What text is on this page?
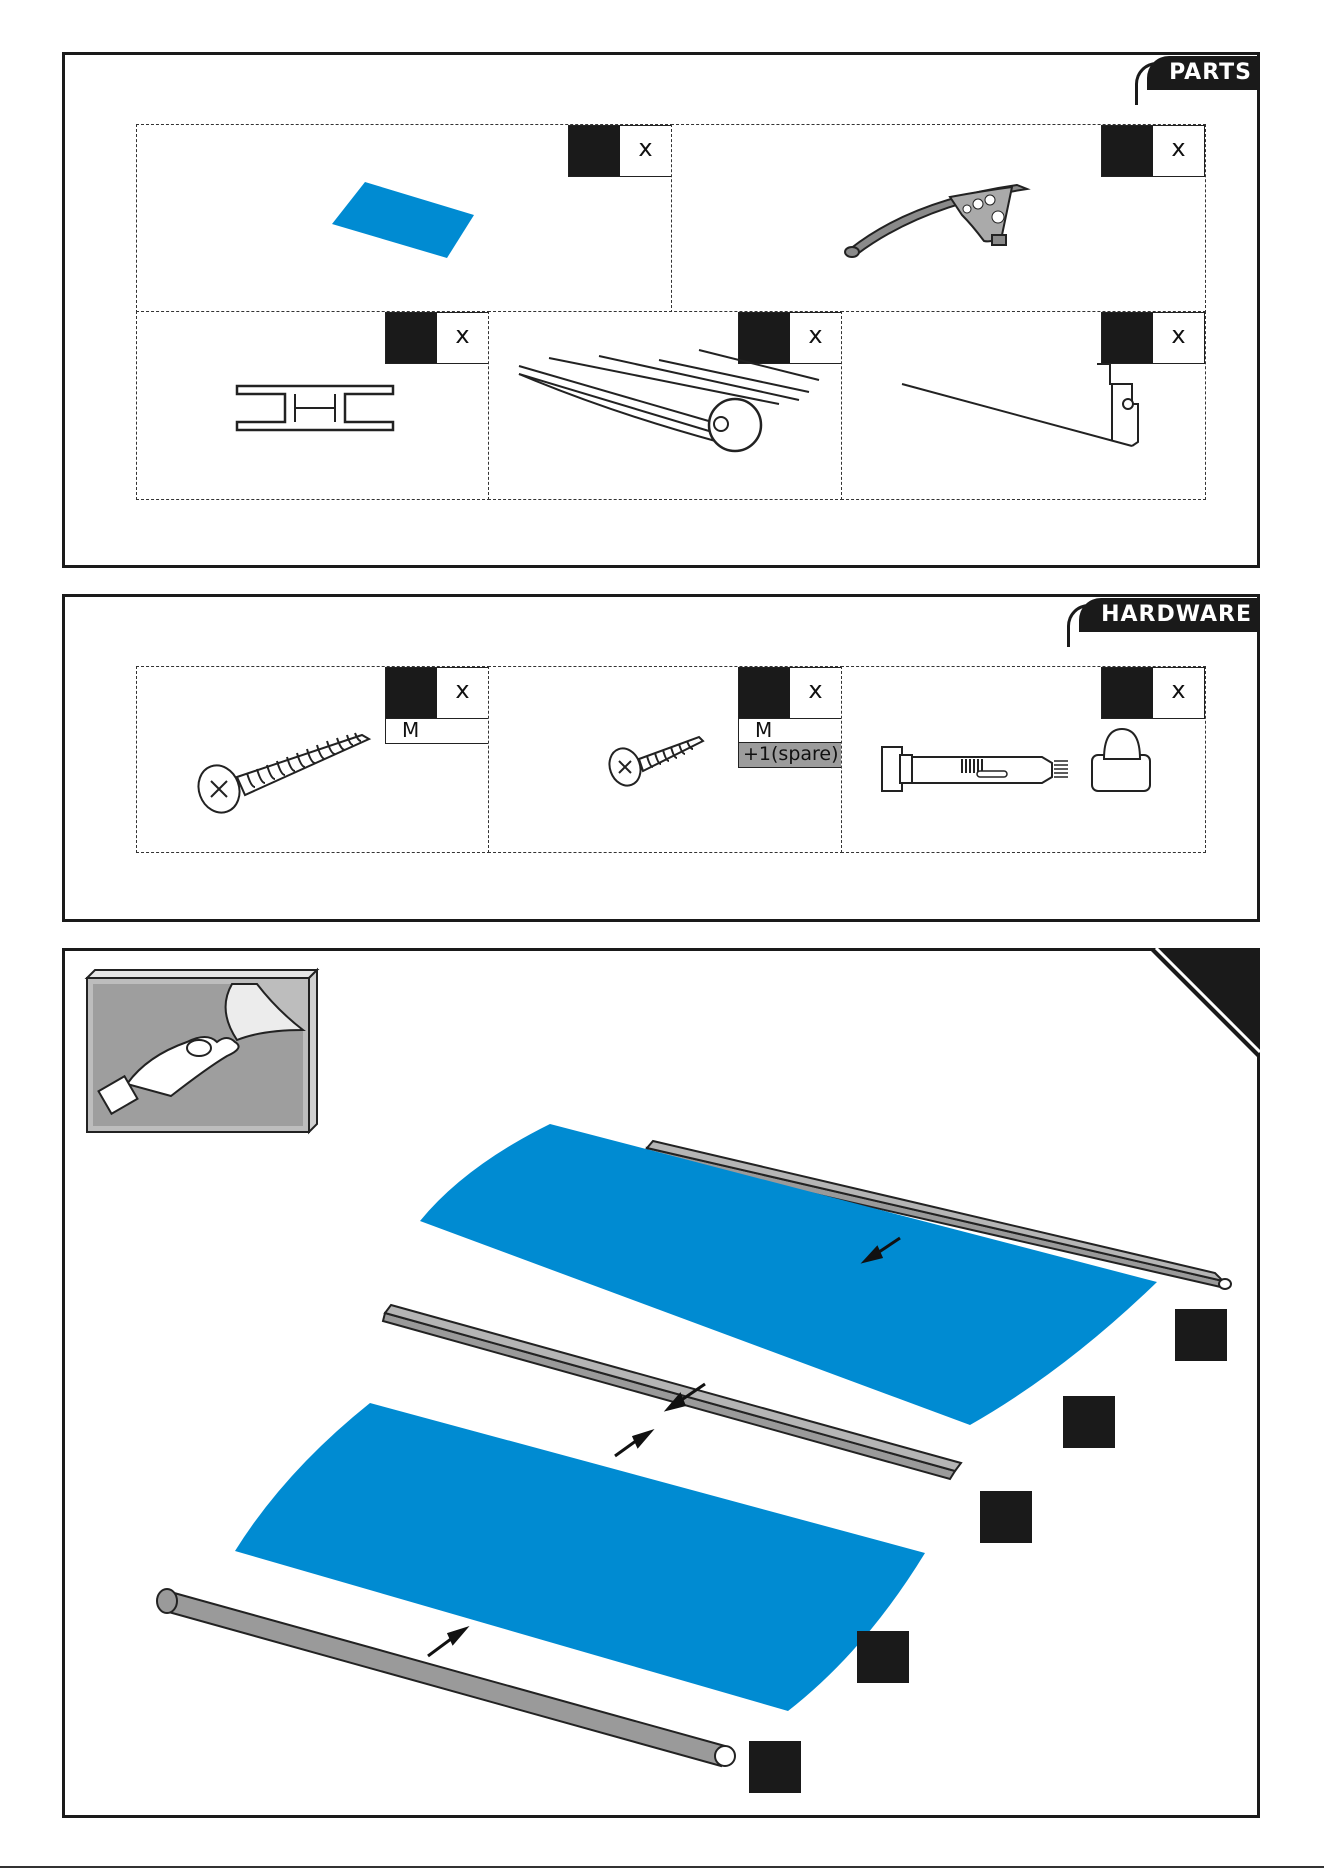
PARTS
x	x
x	x	x
HARDWARE
x
M
x
M
+1(spare)
x
